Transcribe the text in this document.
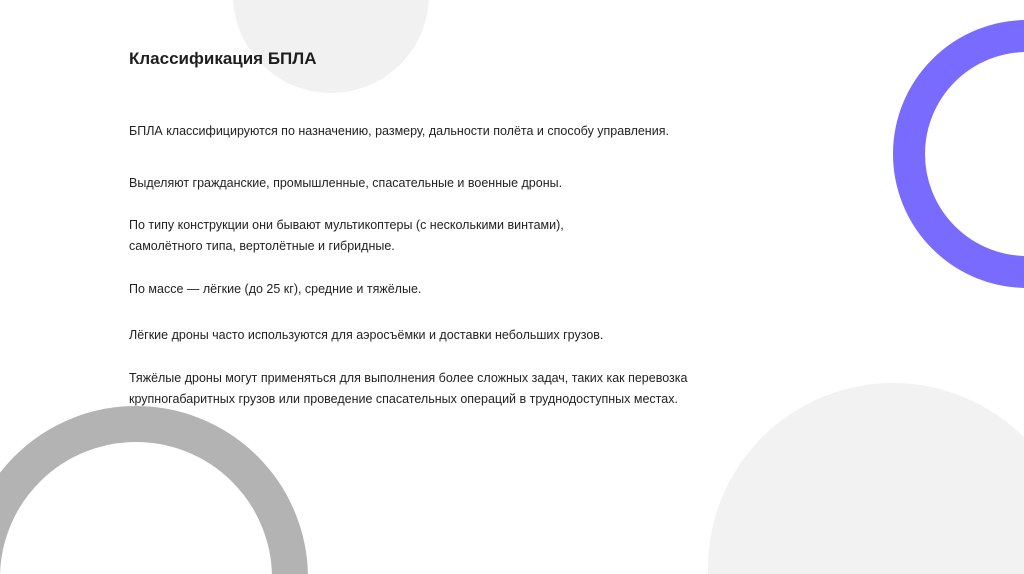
Классификация БПЛА

БПЛА классифицируются по назначению, размеру, дальности полёта и способу управления.

Выделяют гражданские, промышленные, спасательные и военные дроны.

По типу конструкции они бывают мультикоптеры (с несколькими винтами),
самолётного типа, вертолётные и гибридные.

По массе — лёгкие (до 25 кг), средние и тяжёлые.

Лёгкие дроны часто используются для аэросъёмки и доставки небольших грузов.

Тяжёлые дроны могут применяться для выполнения более сложных задач, таких как перевозка
крупногабаритных грузов или проведение спасательных операций в труднодоступных местах.
